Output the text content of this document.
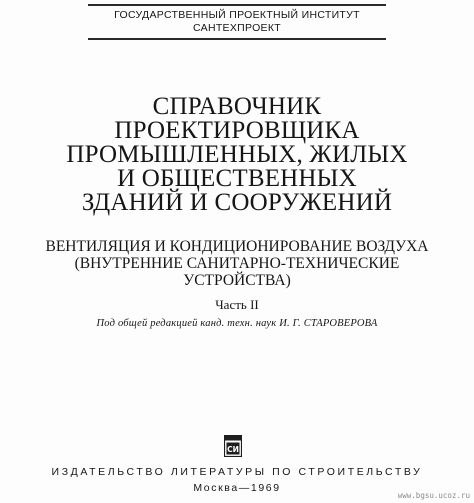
ГОСУДАРСТВЕННЫЙ ПРОЕКТНЫЙ ИНСТИТУТ
САНТЕХПРОЕКТ
СПРАВОЧНИК
ПРОЕКТИРОВЩИКА
ПРОМЫШЛЕННЫХ, ЖИЛЫХ
И ОБЩЕСТВЕННЫХ
ЗДАНИЙ И СООРУЖЕНИЙ
ВЕНТИЛЯЦИЯ И КОНДИЦИОНИРОВАНИЕ ВОЗДУХА
(ВНУТРЕННИЕ САНИТАРНО-ТЕХНИЧЕСКИЕ
УСТРОЙСТВА)
Часть II
Под общей редакцией канд. техн. наук И. Г. СТАРОВЕРОВА
СИ
ИЗДАТЕЛЬСТВО ЛИТЕРАТУРЫ ПО СТРОИТЕЛЬСТВУ
Москва—1969
www.bgsu.ucoz.ru
